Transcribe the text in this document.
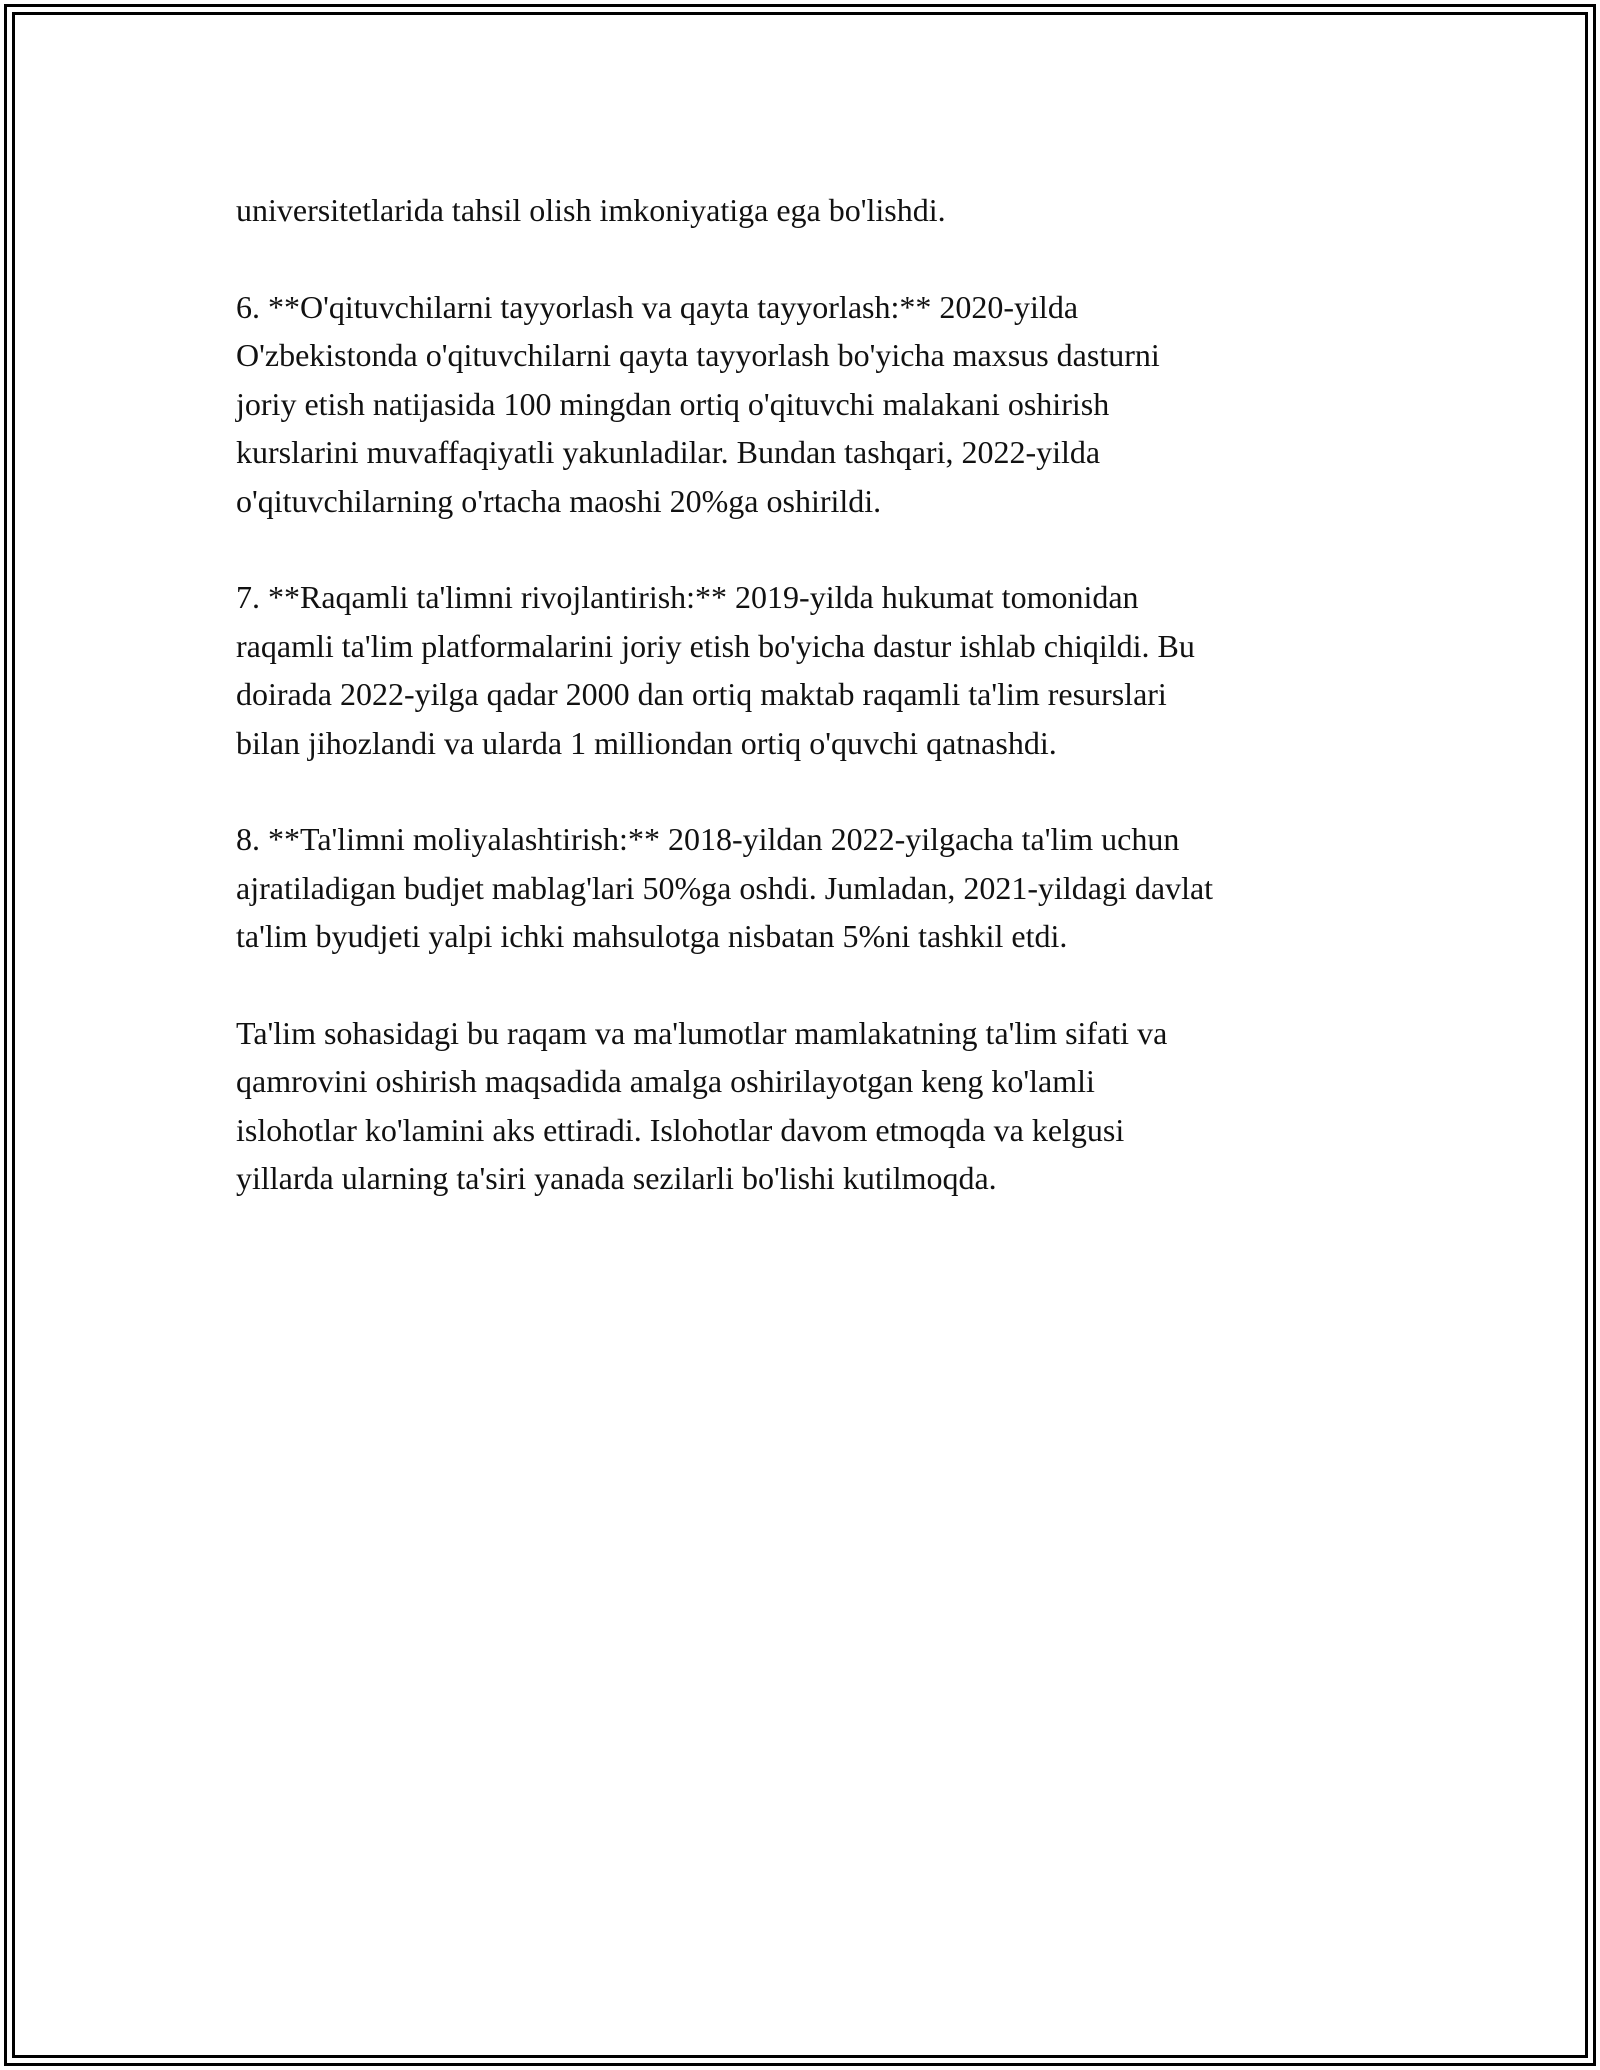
universitetlarida tahsil olish imkoniyatiga ega bo'lishdi.

6. **O'qituvchilarni tayyorlash va qayta tayyorlash:** 2020-yilda
O'zbekistonda o'qituvchilarni qayta tayyorlash bo'yicha maxsus dasturni
joriy etish natijasida 100 mingdan ortiq o'qituvchi malakani oshirish
kurslarini muvaffaqiyatli yakunladilar. Bundan tashqari, 2022-yilda
o'qituvchilarning o'rtacha maoshi 20%ga oshirildi.

7. **Raqamli ta'limni rivojlantirish:** 2019-yilda hukumat tomonidan
raqamli ta'lim platformalarini joriy etish bo'yicha dastur ishlab chiqildi. Bu
doirada 2022-yilga qadar 2000 dan ortiq maktab raqamli ta'lim resurslari
bilan jihozlandi va ularda 1 milliondan ortiq o'quvchi qatnashdi.

8. **Ta'limni moliyalashtirish:** 2018-yildan 2022-yilgacha ta'lim uchun
ajratiladigan budjet mablag'lari 50%ga oshdi. Jumladan, 2021-yildagi davlat
ta'lim byudjeti yalpi ichki mahsulotga nisbatan 5%ni tashkil etdi.

Ta'lim sohasidagi bu raqam va ma'lumotlar mamlakatning ta'lim sifati va
qamrovini oshirish maqsadida amalga oshirilayotgan keng ko'lamli
islohotlar ko'lamini aks ettiradi. Islohotlar davom etmoqda va kelgusi
yillarda ularning ta'siri yanada sezilarli bo'lishi kutilmoqda.
